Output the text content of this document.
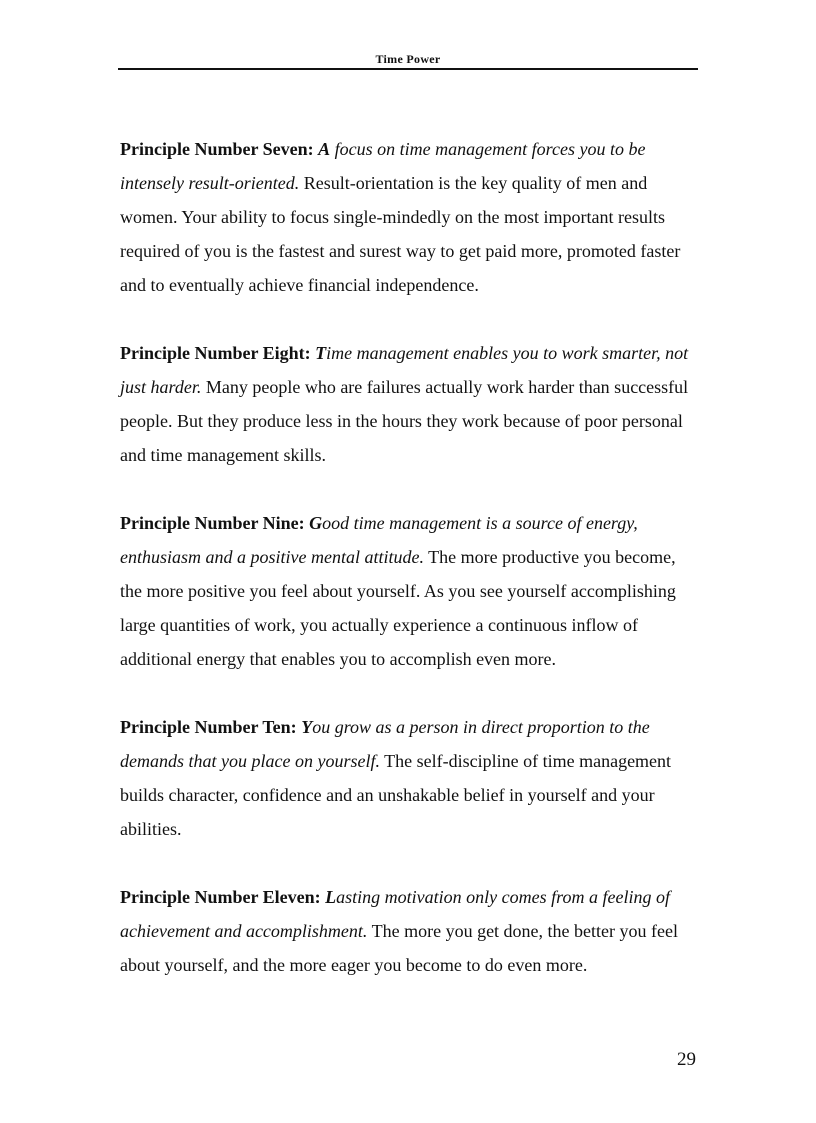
Time Power

Principle Number Seven: A focus on time management forces you to be intensely result-oriented. Result-orientation is the key quality of men and women. Your ability to focus single-mindedly on the most important results required of you is the fastest and surest way to get paid more, promoted faster and to eventually achieve financial independence.

Principle Number Eight: Time management enables you to work smarter, not just harder. Many people who are failures actually work harder than successful people. But they produce less in the hours they work because of poor personal and time management skills.

Principle Number Nine: Good time management is a source of energy, enthusiasm and a positive mental attitude. The more productive you become, the more positive you feel about yourself. As you see yourself accomplishing large quantities of work, you actually experience a continuous inflow of additional energy that enables you to accomplish even more.

Principle Number Ten: You grow as a person in direct proportion to the demands that you place on yourself. The self-discipline of time management builds character, confidence and an unshakable belief in yourself and your abilities.

Principle Number Eleven: Lasting motivation only comes from a feeling of achievement and accomplishment. The more you get done, the better you feel about yourself, and the more eager you become to do even more.

29
